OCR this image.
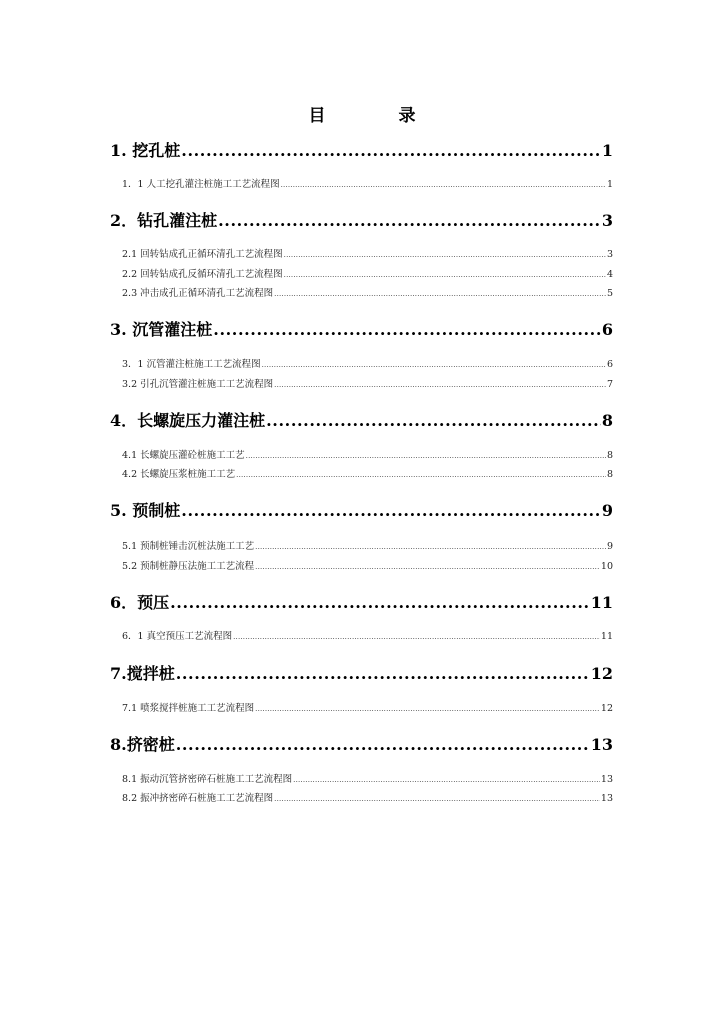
目　录
1. 挖孔桩 .....	1
1．1 人工挖孔灌注桩施工工艺流程图 .....	1
2．钻孔灌注桩 .....	3
2.1 回转钻成孔正循环清孔工艺流程图 .....	3
2.2 回转钻成孔反循环清孔工艺流程图 .....	4
2.3 冲击成孔正循环清孔工艺流程图 .....	5
3. 沉管灌注桩 .....	6
3．1 沉管灌注桩施工工艺流程图 .....	6
3.2 引孔沉管灌注桩施工工艺流程图 .....	7
4．长螺旋压力灌注桩 .....	8
4.1 长螺旋压灌砼桩施工工艺 .....	8
4.2 长螺旋压浆桩施工工艺 .....	8
5. 预制桩 .....	9
5.1 预制桩锤击沉桩法施工工艺 .....	9
5.2 预制桩静压法施工工艺流程 .....	10
6．预压 .....	11
6．1 真空预压工艺流程图 .....	11
7.搅拌桩 .....	12
7.1 喷浆搅拌桩施工工艺流程图 .....	12
8.挤密桩 .....	13
8.1 振动沉管挤密碎石桩施工工艺流程图 .....	13
8.2 振冲挤密碎石桩施工工艺流程图 .....	13
